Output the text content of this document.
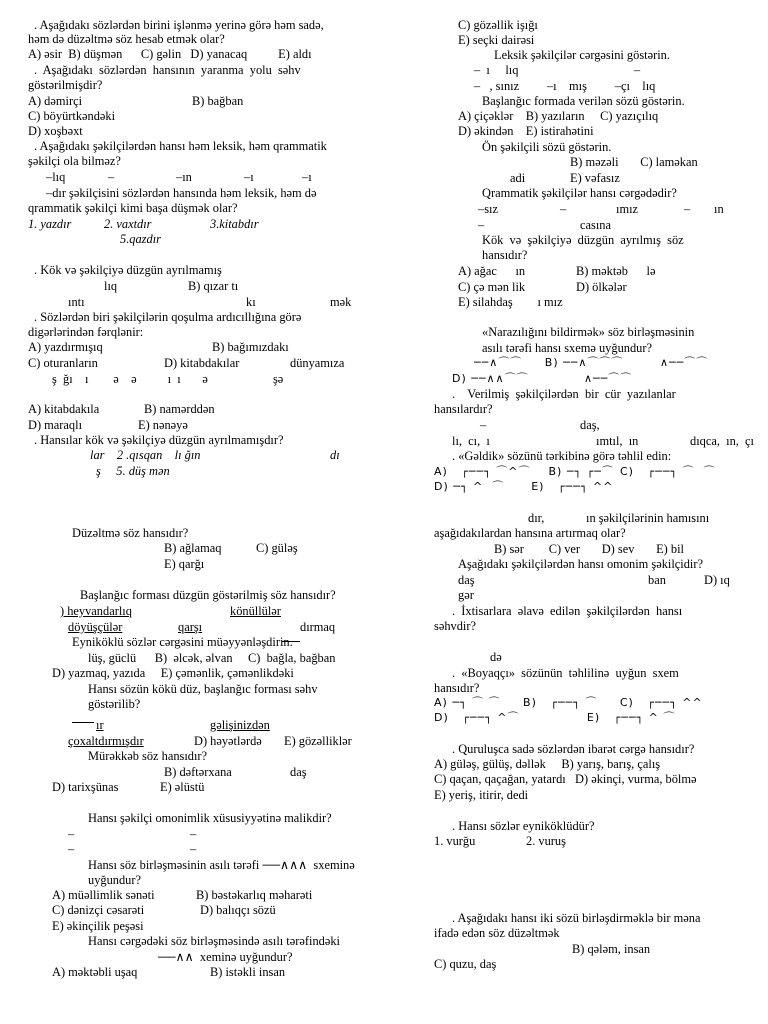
. Aşağıdakı sözlərdən birini işlənmə yerinə görə həm sadə,
həm də düzəltmə söz hesab etmək olar?
A) əsir  B) düşmən      C) gəlin   D) yanacaq          E) aldı
.  Aşağıdakı  sözlərdən  hansının  yaranma  yolu  səhv
göstərilmişdir?
A) dəmirçi	B) bağban
C) böyürtkəndəki
D) xoşbəxt
. Aşağıdakı şəkilçilərdən hansı həm leksik, həm qrammatik
şəkilçi ola bilməz?
–lıq	–	–ın	–ı	–ı
–dır şəkilçisini sözlərdən hansında həm leksik, həm də
qrammatik şəkilçi kimi başa düşmək olar?
1. yazdır	2. vaxtdır	3.kitabdır
5.qazdır
. Kök və şəkilçiyə düzgün ayrılmamış
lıq	B) qızar tı
ıntı	kı	mək
. Sözlərdən biri şəkilçilərin qoşulma ardıcıllığına görə
digərlərindən fərqlənir:
A) yazdırmışıq	B) bağımızdakı
C) oturanların	D) kitabdakılar	dünyamıza
ş  ğı    ı        ə    ə          ı  ı       ə                     şə
A) kitabdakıla	B) namərddən
D) maraqlı	E) nənəyə
. Hansılar kök və şəkilçiyə düzgün ayrılmamışdır?
lar    2 .qısqan    lı ğın	dı
ş     5. düş mən
Düzəltmə söz hansıdır?
B) ağlamaq	C) güləş
E) qarğı
Başlanğıc forması düzgün göstərilmiş söz hansıdır?
) heyvandarlıq	könüllülər
döyüşçülər	qarşı	dırmaq
Eyniköklü sözlər cərgəsini müəyyənləşdirin.
lüş, güclü      B)  əlcək, əlvan     C)  bağla, bağban
D) yazmaq, yazıda     E) çəmənlik, çəmənlikdəki
Hansı sözün kökü düz, başlanğıc forması səhv
göstərilib?
ır	gəlişinizdən
çoxaltdırmışdır	D) həyətlərdə E) gözəlliklər
Mürəkkəb söz hansıdır?
B) dəftərxana	daş
D) tarixşünas	E) əlüstü
Hansı şəkilçi omonimlik xüsusiyyətinə malikdir?
–	–
–	–
Hansı söz birləşməsinin asılı tərəfi ──∧∧∧  sxeminə
uyğundur?
A) müəllimlik sənəti	B) bəstəkarlıq məharəti
C) dənizçi cəsarəti	D) balıqçı sözü
E) əkinçilik peşəsi
Hansı cərgədəki söz birləşməsində asılı tərəfindəki
──∧∧  xeminə uyğundur?
A) məktəbli uşaq	B) istəkli insan
C) gözəllik işığı
E) seçki dairəsi
Leksik şəkilçilər cərgəsini göstərin.
–  ı     lıq	–
–   , sınız         –ı    mış         –çı    lıq
Başlanğıc formada verilən sözü göstərin.
A) çiçəklər    B) yazıların     C) yazıçılıq
D) əkindən    E) istirahətini
Ön şəkilçili sözü göstərin.
B) məzəli       C) laməkan
adi	E) vəfasız
Qrammatik şəkilçilər hansı cərgədədir?
–sız	–	ımız	– ın
–	casına
Kök  və  şəkilçiyə  düzgün  ayrılmış  söz
hansıdır?
A) ağac      ın	B) məktəb      lə
C) çə mən lik	D) ölkələr
E) silahdaş        ı mız
«Narazılığını bildirmək» söz birləşməsinin
asılı tərəfi hansı sxemə uyğundur?
──∧⌒⌒     B) ──∧⌒⌒⌒	∧──⌒⌒
D) ──∧∧⌒⌒	∧──⌒⌒
.    Verilmiş  şəkilçilərdən  bir  cür  yazılanlar
hansılardır?
–	daş,
lı,  cı,  ı	ımtıl,  ın	dıqca,  ın,  çı
. «Gəldik» sözünü tərkibinə görə təhlil edin:
A)   ┌──┐ ⌒^⌒    B) ─┐ ┌─⌒ C)   ┌──┐ ⌒  ⌒
D) ─┐ ^  ⌒      E)   ┌──┐ ^^
dır,	ın şəkilçilərinin hamısını
aşağıdakılardan hansına artırmaq olar?
B) sər        C) ver       D) sev       E) bil
Aşağıdakı şəkilçilərdən hansı omonim şəkilçidir?
daş	ban	D) ıq
gər
.  İxtisarlara  əlavə  edilən  şəkilçilərdən  hansı
səhvdir?
də
.  «Boyaqçı»  sözünün  təhlilinə  uyğun  sxem
hansıdır?
A) ─┐ ⌒ ⌒     B)   ┌──┐ ⌒     C)   ┌──┐ ^^
D)   ┌──┐ ^⌒               E)   ┌──┐ ^ ⌒
. Quruluşca sadə sözlərdən ibarət cərgə hansıdır?
A) güləş, gülüş, dəllək     B) yarış, barış, çalış
C) qaçan, qaçağan, yatardı   D) əkinçi, vurma, bölmə
E) yeriş, itirir, dedi
. Hansı sözlər eyniköklüdür?
1. vurğu	2. vuruş
. Aşağıdakı hansı iki sözü birləşdirməklə bir məna
ifadə edən söz düzəltmək
B) qələm, insan
C) quzu, daş
